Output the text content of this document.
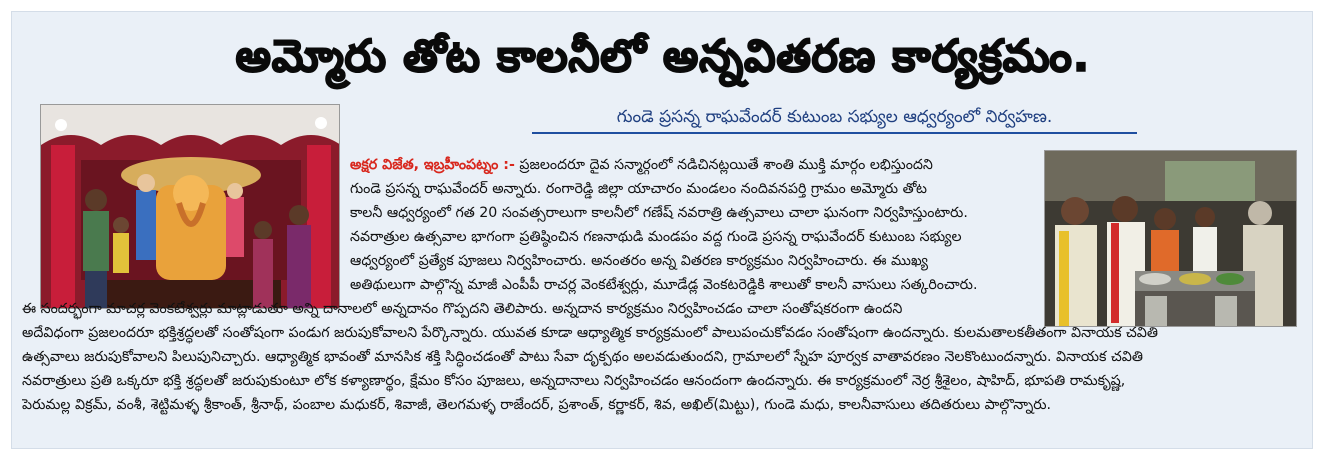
అమ్మోరు తోట కాలనీలో అన్నవితరణ కార్యక్రమం.
గుండె ప్రసన్న రాఘవేందర్ కుటుంబ సభ్యుల ఆధ్వర్యంలో నిర్వహణ.
అక్షర విజేత, ఇబ్రహీంపట్నం :- ప్రజలందరూ దైవ సన్మార్గంలో నడిచినట్లయితే శాంతి ముక్తి మార్గం లభిస్తుందని
గుండె ప్రసన్న రాఘవేందర్ అన్నారు. రంగారెడ్డి జిల్లా యాచారం మండలం నందివనపర్తి గ్రామం అమ్మోరు తోట
కాలనీ ఆధ్వర్యంలో గత 20 సంవత్సరాలుగా కాలనీలో గణేష్ నవరాత్రి ఉత్సవాలు చాలా ఘనంగా నిర్వహిస్తుంటారు.
నవరాత్రుల ఉత్సవాల భాగంగా ప్రతిష్ఠించిన గణనాథుడి మండపం వద్ద గుండె ప్రసన్న రాఘవేందర్ కుటుంబ సభ్యుల
ఆధ్వర్యంలో ప్రత్యేక పూజలు నిర్వహించారు. అనంతరం అన్న వితరణ కార్యక్రమం నిర్వహించారు. ఈ ముఖ్య
అతిథులుగా పాల్గొన్న మాజీ ఎంపీపీ రాచర్ల వెంకటేశ్వర్లు, మూడేడ్ల వెంకటరెడ్డికి శాలుతో కాలనీ వాసులు సత్కరించారు.
ఈ సందర్భంగా మాచర్ల వెంకటేశ్వర్లు మాట్లాడుతూ అన్ని దానాలలో అన్నదానం గొప్పదని తెలిపారు. అన్నదాన కార్యక్రమం నిర్వహించడం చాలా సంతోషకరంగా ఉందని
అదేవిధంగా ప్రజలందరూ భక్తిశ్రద్ధలతో సంతోషంగా పండుగ జరుపుకోవాలని పేర్కొన్నారు. యువత కూడా ఆధ్యాత్మిక కార్యక్రమంలో పాలుపంచుకోవడం సంతోషంగా ఉందన్నారు. కులమతాలకతీతంగా వినాయక చవితి
ఉత్సవాలు జరుపుకోవాలని పిలుపునిచ్చారు. ఆధ్యాత్మిక భావంతో మానసిక శక్తి సిద్ధించడంతో పాటు సేవా దృక్పథం అలవడుతుందని, గ్రామాలలో స్నేహ పూర్వక వాతావరణం నెలకొంటుందన్నారు. వినాయక చవితి
నవరాత్రులు ప్రతి ఒక్కరూ భక్తి శ్రద్ధలతో జరుపుకుంటూ లోక కళ్యాణార్థం, క్షేమం కోసం పూజలు, అన్నదానాలు నిర్వహించడం ఆనందంగా ఉందన్నారు. ఈ కార్యక్రమంలో నెర్ర శ్రీశైలం, షాహిద్, భూపతి రామకృష్ణ,
పెరుమల్ల విక్రమ్, వంశీ, శెట్టిమళ్ళ శ్రీకాంత్, శ్రీనాథ్, పంబాల మధుకర్, శివాజీ, తెలగమళ్ళ రాజేందర్, ప్రశాంత్, కర్ణాకర్, శివ, అఖిల్(మిట్టు), గుండె మధు, కాలనీవాసులు తదితరులు పాల్గొన్నారు.
